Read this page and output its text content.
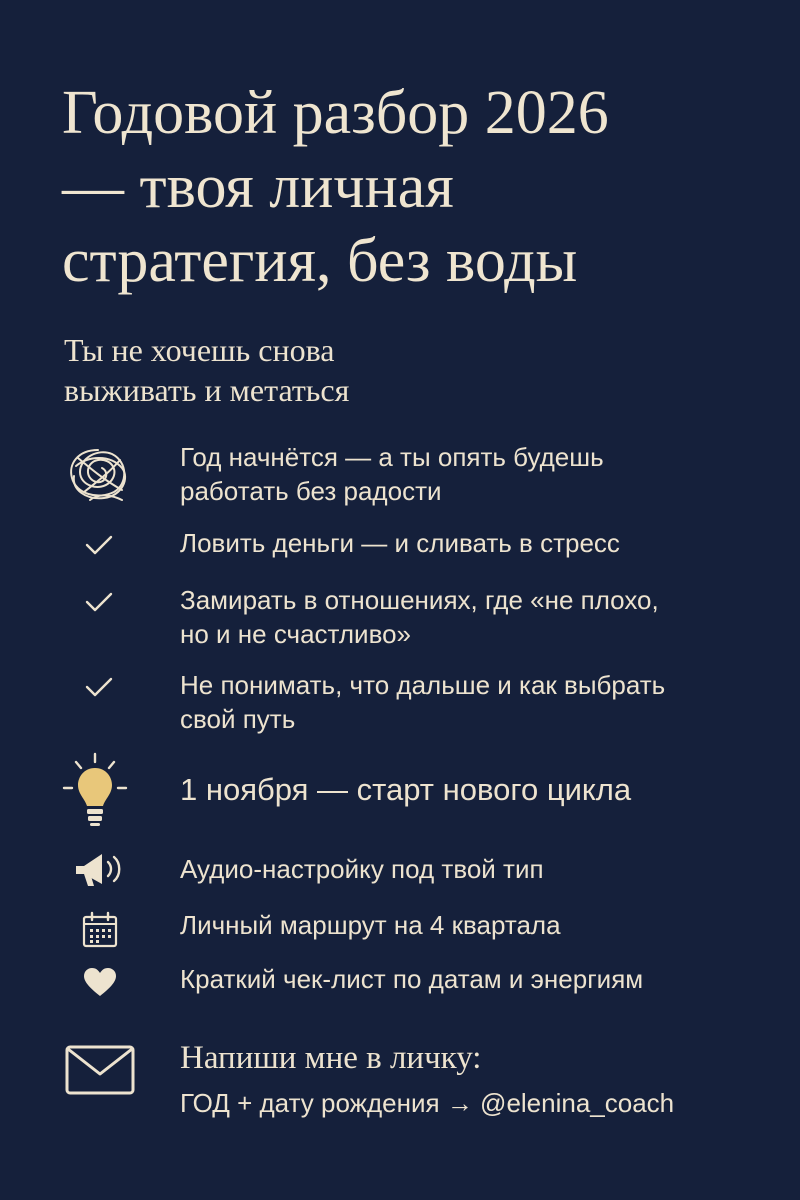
Годовой разбор 2026
— твоя личная
стратегия, без воды

Ты не хочешь снова
выживать и метаться

Год начнётся — а ты опять будешь
работать без радости
Ловить деньги — и сливать в стресс
Замирать в отношениях, где «не плохо,
но и не счастливо»
Не понимать, что дальше и как выбрать
свой путь
1 ноября — старт нового цикла
Аудио-настройку под твой тип
Личный маршрут на 4 квартала
Краткий чек-лист по датам и энергиям
Напиши мне в личку:
ГОД + дату рождения → @elenina_coach
